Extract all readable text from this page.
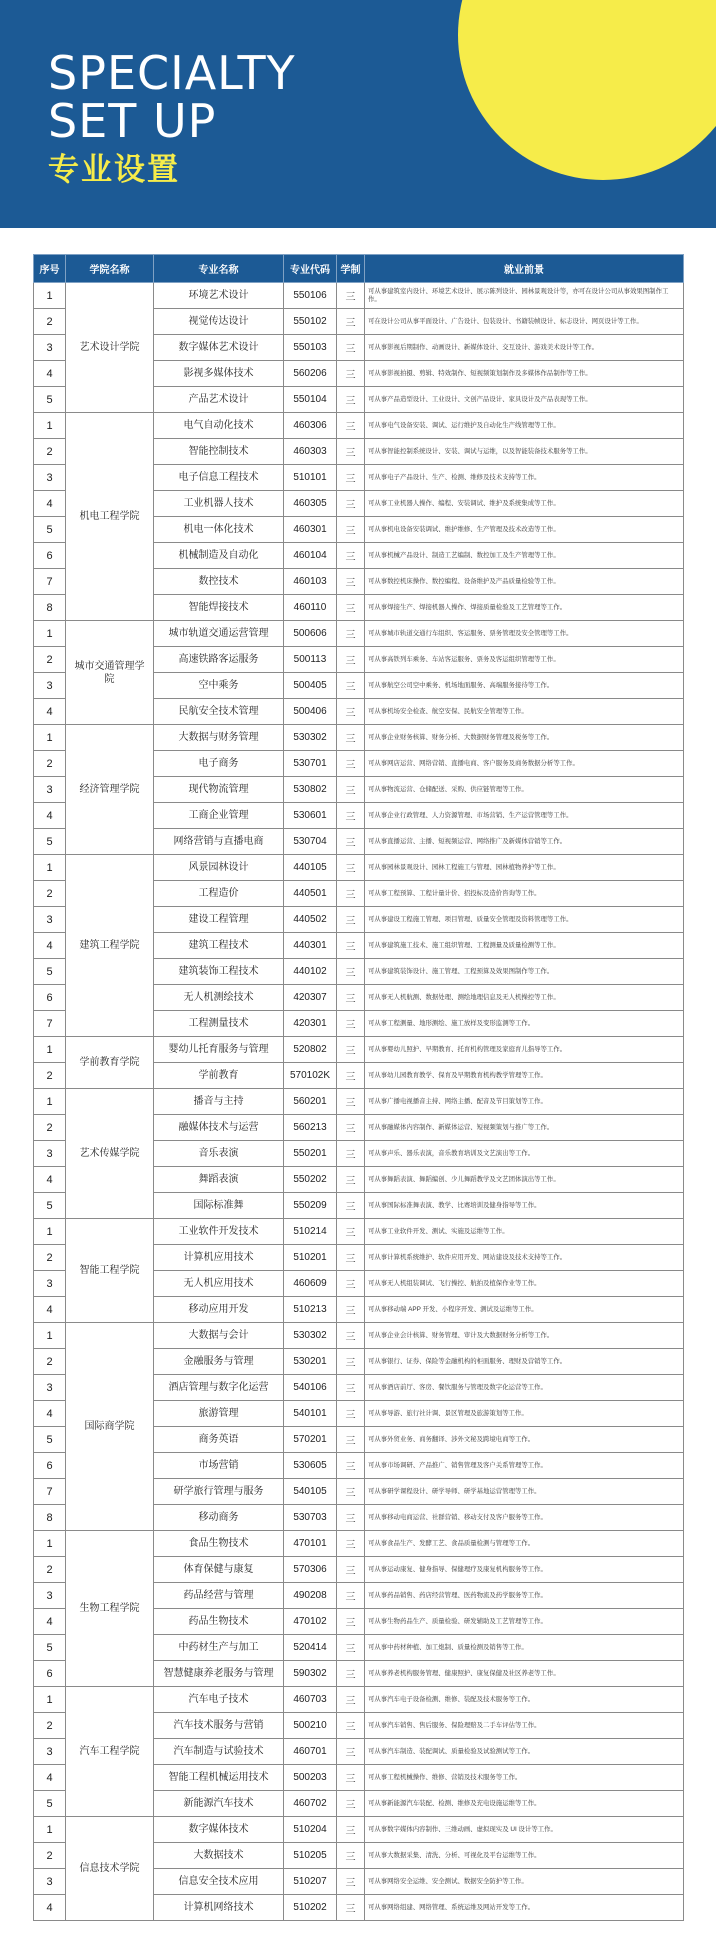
SPECIALTY
SET UP
专业设置
序号	学院名称	专业名称	专业代码	学制	就业前景
1	艺术设计学院	环境艺术设计	550106	三	可从事建筑室内设计、环境艺术设计、展示陈列设计、园林景观设计等，亦可在设计公司从事效果图制作工作。
2		视觉传达设计	550102	三	可在设计公司从事平面设计、广告设计、包装设计、书籍装帧设计、标志设计、网页设计等工作。
3		数字媒体艺术设计	550103	三	可从事影视后期制作、动画设计、新媒体设计、交互设计、游戏美术设计等工作。
4		影视多媒体技术	560206	三	可从事影视拍摄、剪辑、特效制作、短视频策划制作及多媒体作品制作等工作。
5		产品艺术设计	550104	三	可从事产品造型设计、工业设计、文创产品设计、家具设计及产品表现等工作。
1	机电工程学院	电气自动化技术	460306	三	可从事电气设备安装、调试、运行维护及自动化生产线管理等工作。
2		智能控制技术	460303	三	可从事智能控制系统设计、安装、调试与运维，以及智能装备技术服务等工作。
3		电子信息工程技术	510101	三	可从事电子产品设计、生产、检测、维修及技术支持等工作。
4		工业机器人技术	460305	三	可从事工业机器人操作、编程、安装调试、维护及系统集成等工作。
5		机电一体化技术	460301	三	可从事机电设备安装调试、维护维修、生产管理及技术改造等工作。
6		机械制造及自动化	460104	三	可从事机械产品设计、制造工艺编制、数控加工及生产管理等工作。
7		数控技术	460103	三	可从事数控机床操作、数控编程、设备维护及产品质量检验等工作。
8		智能焊接技术	460110	三	可从事焊接生产、焊接机器人操作、焊接质量检验及工艺管理等工作。
1	城市交通管理学院	城市轨道交通运营管理	500606	三	可从事城市轨道交通行车组织、客运服务、票务管理及安全管理等工作。
2		高速铁路客运服务	500113	三	可从事高铁列车乘务、车站客运服务、票务及客运组织管理等工作。
3		空中乘务	500405	三	可从事航空公司空中乘务、机场地面服务、高端服务接待等工作。
4		民航安全技术管理	500406	三	可从事机场安全检查、航空安保、民航安全管理等工作。
1	经济管理学院	大数据与财务管理	530302	三	可从事企业财务核算、财务分析、大数据财务管理及税务等工作。
2		电子商务	530701	三	可从事网店运营、网络营销、直播电商、客户服务及商务数据分析等工作。
3		现代物流管理	530802	三	可从事物流运营、仓储配送、采购、供应链管理等工作。
4		工商企业管理	530601	三	可从事企业行政管理、人力资源管理、市场营销、生产运营管理等工作。
5		网络营销与直播电商	530704	三	可从事直播运营、主播、短视频运营、网络推广及新媒体营销等工作。
1	建筑工程学院	风景园林设计	440105	三	可从事园林景观设计、园林工程施工与管理、园林植物养护等工作。
2		工程造价	440501	三	可从事工程预算、工程计量计价、招投标及造价咨询等工作。
3		建设工程管理	440502	三	可从事建设工程施工管理、项目管理、质量安全管理及资料管理等工作。
4		建筑工程技术	440301	三	可从事建筑施工技术、施工组织管理、工程测量及质量检测等工作。
5		建筑装饰工程技术	440102	三	可从事建筑装饰设计、施工管理、工程预算及效果图制作等工作。
6		无人机测绘技术	420307	三	可从事无人机航测、数据处理、测绘地理信息及无人机操控等工作。
7		工程测量技术	420301	三	可从事工程测量、地形测绘、施工放样及变形监测等工作。
1	学前教育学院	婴幼儿托育服务与管理	520802	三	可从事婴幼儿照护、早期教育、托育机构管理及家庭育儿指导等工作。
2		学前教育	570102K	三	可从事幼儿园教育教学、保育及早期教育机构教学管理等工作。
1	艺术传媒学院	播音与主持	560201	三	可从事广播电视播音主持、网络主播、配音及节目策划等工作。
2		融媒体技术与运营	560213	三	可从事融媒体内容制作、新媒体运营、短视频策划与推广等工作。
3		音乐表演	550201	三	可从事声乐、器乐表演，音乐教育培训及文艺演出等工作。
4		舞蹈表演	550202	三	可从事舞蹈表演、舞蹈编创、少儿舞蹈教学及文艺团体演出等工作。
5		国际标准舞	550209	三	可从事国际标准舞表演、教学、比赛培训及健身指导等工作。
1	智能工程学院	工业软件开发技术	510214	三	可从事工业软件开发、测试、实施及运维等工作。
2		计算机应用技术	510201	三	可从事计算机系统维护、软件应用开发、网站建设及技术支持等工作。
3		无人机应用技术	460609	三	可从事无人机组装调试、飞行操控、航拍及植保作业等工作。
4		移动应用开发	510213	三	可从事移动端 APP 开发、小程序开发、测试及运维等工作。
1	国际商学院	大数据与会计	530302	三	可从事企业会计核算、财务管理、审计及大数据财务分析等工作。
2		金融服务与管理	530201	三	可从事银行、证券、保险等金融机构的柜面服务、理财及营销等工作。
3		酒店管理与数字化运营	540106	三	可从事酒店前厅、客房、餐饮服务与管理及数字化运营等工作。
4		旅游管理	540101	三	可从事导游、旅行社计调、景区管理及旅游策划等工作。
5		商务英语	570201	三	可从事外贸业务、商务翻译、涉外文秘及跨境电商等工作。
6		市场营销	530605	三	可从事市场调研、产品推广、销售管理及客户关系管理等工作。
7		研学旅行管理与服务	540105	三	可从事研学课程设计、研学导师、研学基地运营管理等工作。
8		移动商务	530703	三	可从事移动电商运营、社群营销、移动支付及客户服务等工作。
1	生物工程学院	食品生物技术	470101	三	可从事食品生产、发酵工艺、食品质量检测与管理等工作。
2		体育保健与康复	570306	三	可从事运动康复、健身指导、保健理疗及康复机构服务等工作。
3		药品经营与管理	490208	三	可从事药品销售、药店经营管理、医药物流及药学服务等工作。
4		药品生物技术	470102	三	可从事生物药品生产、质量检验、研发辅助及工艺管理等工作。
5		中药材生产与加工	520414	三	可从事中药材种植、加工炮制、质量检测及销售等工作。
6		智慧健康养老服务与管理	590302	三	可从事养老机构服务管理、健康照护、康复保健及社区养老等工作。
1	汽车工程学院	汽车电子技术	460703	三	可从事汽车电子设备检测、维修、装配及技术服务等工作。
2		汽车技术服务与营销	500210	三	可从事汽车销售、售后服务、保险理赔及二手车评估等工作。
3		汽车制造与试验技术	460701	三	可从事汽车制造、装配调试、质量检验及试验测试等工作。
4		智能工程机械运用技术	500203	三	可从事工程机械操作、维修、营销及技术服务等工作。
5		新能源汽车技术	460702	三	可从事新能源汽车装配、检测、维修及充电设施运维等工作。
1	信息技术学院	数字媒体技术	510204	三	可从事数字媒体内容制作、三维动画、虚拟现实及 UI 设计等工作。
2		大数据技术	510205	三	可从事大数据采集、清洗、分析、可视化及平台运维等工作。
3		信息安全技术应用	510207	三	可从事网络安全运维、安全测试、数据安全防护等工作。
4		计算机网络技术	510202	三	可从事网络组建、网络管理、系统运维及网站开发等工作。
